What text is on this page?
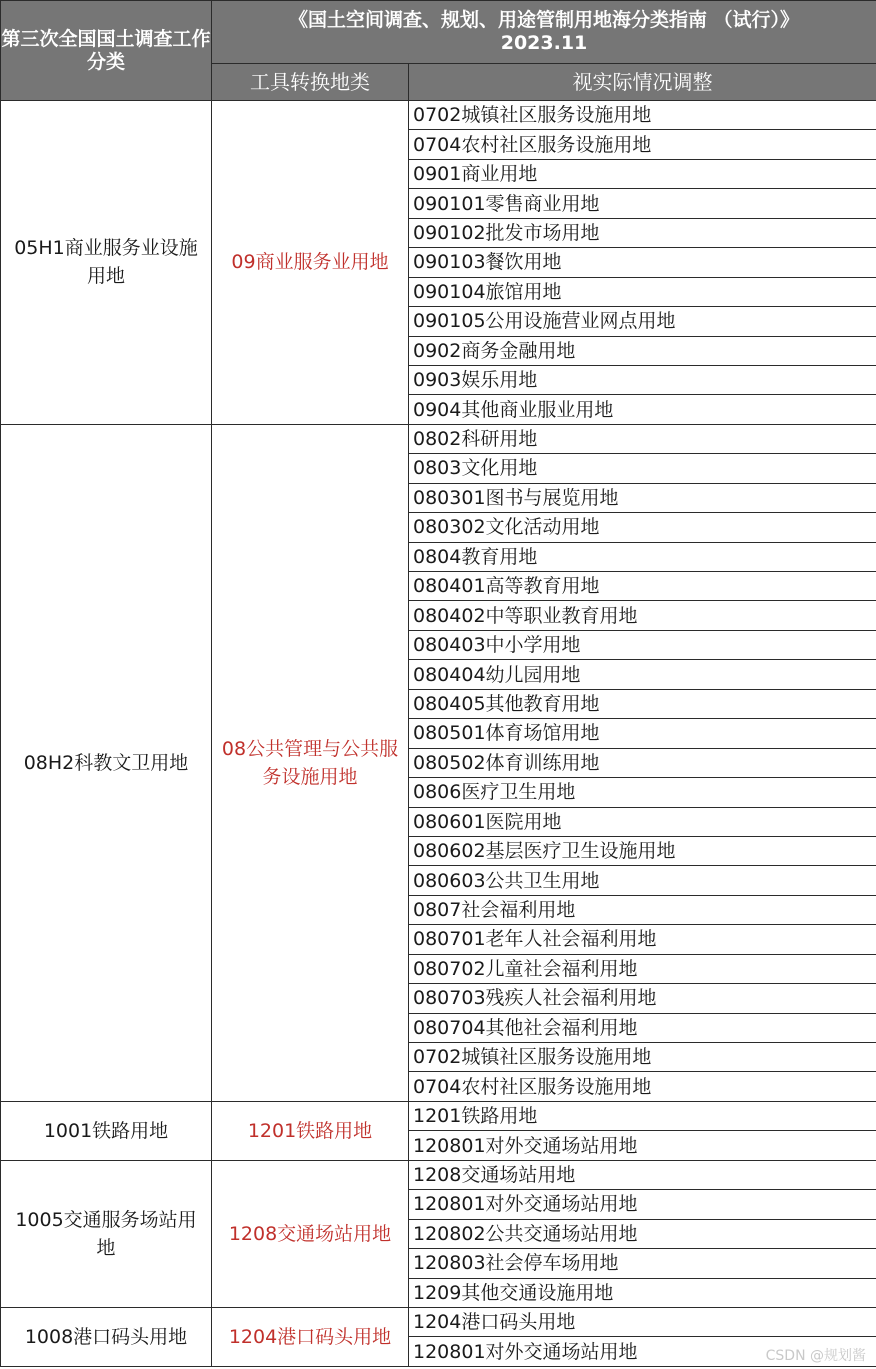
第三次全国国土调查工作分类	《国土空间调查、规划、用途管制用地海分类指南 （试行）》
2023.11	

	工具转换地类	视实际情况调整
05H1商业服务业设施用地	09商业服务业用地	0702城镇社区服务设施用地
		0704农村社区服务设施用地
		0901商业用地
		090101零售商业用地
		090102批发市场用地
		090103餐饮用地
		090104旅馆用地
		090105公用设施营业网点用地
		0902商务金融用地
		0903娱乐用地
		0904其他商业服业用地
08H2科教文卫用地	08公共管理与公共服务设施用地	0802科研用地
		0803文化用地
		080301图书与展览用地
		080302文化活动用地
		0804教育用地
		080401高等教育用地
		080402中等职业教育用地
		080403中小学用地
		080404幼儿园用地
		080405其他教育用地
		080501体育场馆用地
		080502体育训练用地
		0806医疗卫生用地
		080601医院用地
		080602基层医疗卫生设施用地
		080603公共卫生用地
		0807社会福利用地
		080701老年人社会福利用地
		080702儿童社会福利用地
		080703残疾人社会福利用地
		080704其他社会福利用地
		0702城镇社区服务设施用地
		0704农村社区服务设施用地
1001铁路用地	1201铁路用地	1201铁路用地
		120801对外交通场站用地
1005交通服务场站用地	1208交通场站用地	1208交通场站用地
		120801对外交通场站用地
		120802公共交通场站用地
		120803社会停车场用地
		1209其他交通设施用地
1008港口码头用地	1204港口码头用地	1204港口码头用地
		120801对外交通场站用地	CSDN @规划酱
